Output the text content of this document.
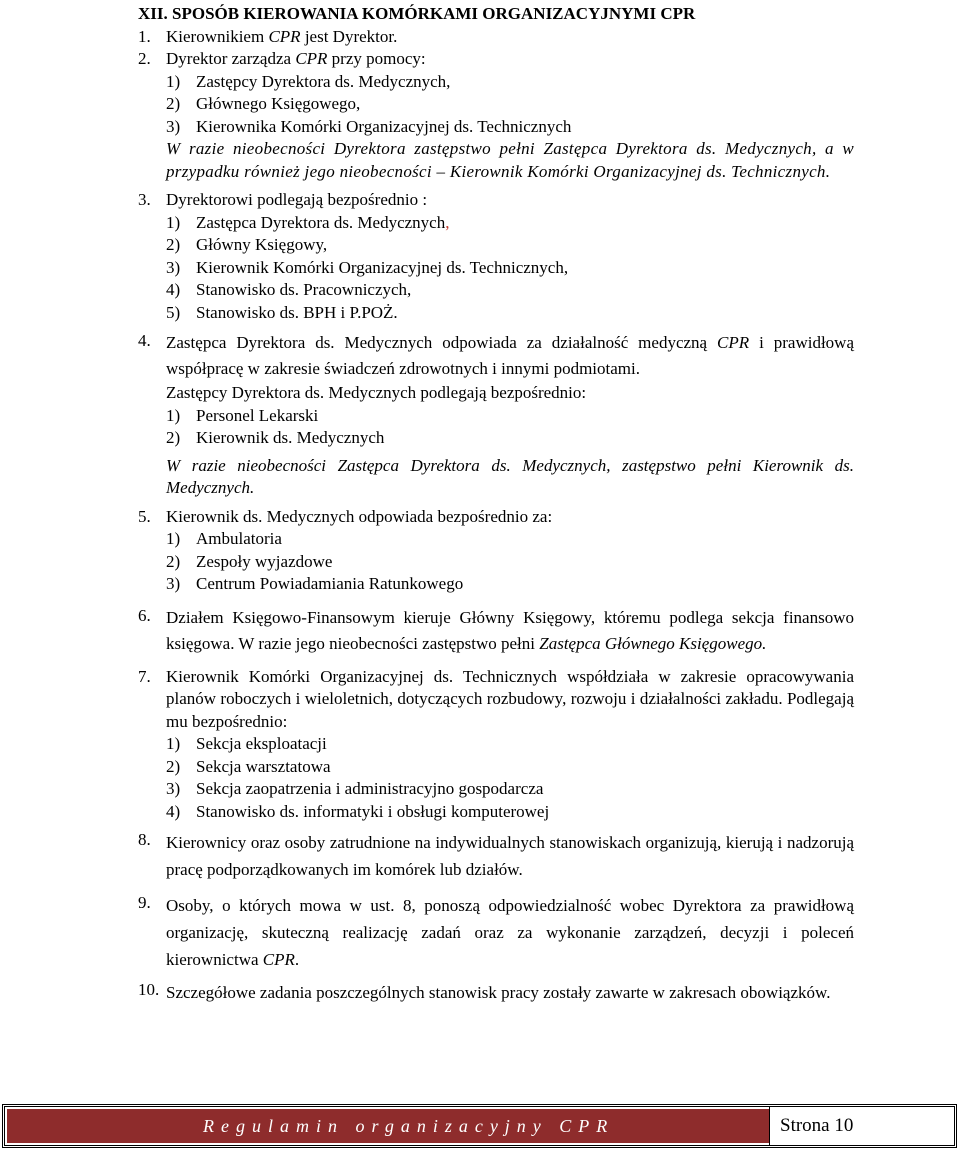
XII. SPOSÓB KIEROWANIA KOMÓRKAMI ORGANIZACYJNYMI CPR

1. Kierownikiem CPR jest Dyrektor.
2. Dyrektor zarządza CPR przy pomocy:
1) Zastępcy Dyrektora ds. Medycznych,
2) Głównego Księgowego,
3) Kierownika Komórki Organizacyjnej ds. Technicznych
W razie nieobecności Dyrektora zastępstwo pełni Zastępca Dyrektora ds. Medycznych, a w przypadku również jego nieobecności – Kierownik Komórki Organizacyjnej ds. Technicznych.
3. Dyrektorowi podlegają bezpośrednio :
1) Zastępca Dyrektora ds. Medycznych ,
2) Główny Księgowy,
3) Kierownik Komórki Organizacyjnej ds. Technicznych,
4) Stanowisko ds. Pracowniczych,
5) Stanowisko ds. BPH i P.POŻ.
4. Zastępca Dyrektora ds. Medycznych odpowiada za działalność medyczną CPR i prawidłową współpracę w zakresie świadczeń zdrowotnych i innymi podmiotami.
Zastępcy Dyrektora ds. Medycznych podlegają bezpośrednio:
1) Personel Lekarski
2) Kierownik ds. Medycznych
W razie nieobecności Zastępca Dyrektora ds. Medycznych, zastępstwo pełni Kierownik ds. Medycznych.
5. Kierownik ds. Medycznych odpowiada bezpośrednio za:
1) Ambulatoria
2) Zespoły wyjazdowe
3) Centrum Powiadamiania Ratunkowego
6. Działem Księgowo-Finansowym kieruje Główny Księgowy, któremu podlega sekcja finansowo księgowa. W razie jego nieobecności zastępstwo pełni Zastępca Głównego Księgowego.
7. Kierownik Komórki Organizacyjnej ds. Technicznych współdziała w zakresie opracowywania planów roboczych i wieloletnich, dotyczących rozbudowy, rozwoju i działalności zakładu. Podlegają mu bezpośrednio:
1) Sekcja eksploatacji
2) Sekcja warsztatowa
3) Sekcja zaopatrzenia i administracyjno gospodarcza
4) Stanowisko ds. informatyki i obsługi komputerowej
8. Kierownicy oraz osoby zatrudnione na indywidualnych stanowiskach organizują, kierują i nadzorują pracę podporządkowanych im komórek lub działów.
9. Osoby, o których mowa w ust. 8, ponoszą odpowiedzialność wobec Dyrektora za prawidłową organizację, skuteczną realizację zadań oraz za wykonanie zarządzeń, decyzji i poleceń kierownictwa CPR.
10. Szczegółowe zadania poszczególnych stanowisk pracy zostały zawarte w zakresach obowiązków.
Regulamin organizacyjny CPR	Strona 10
